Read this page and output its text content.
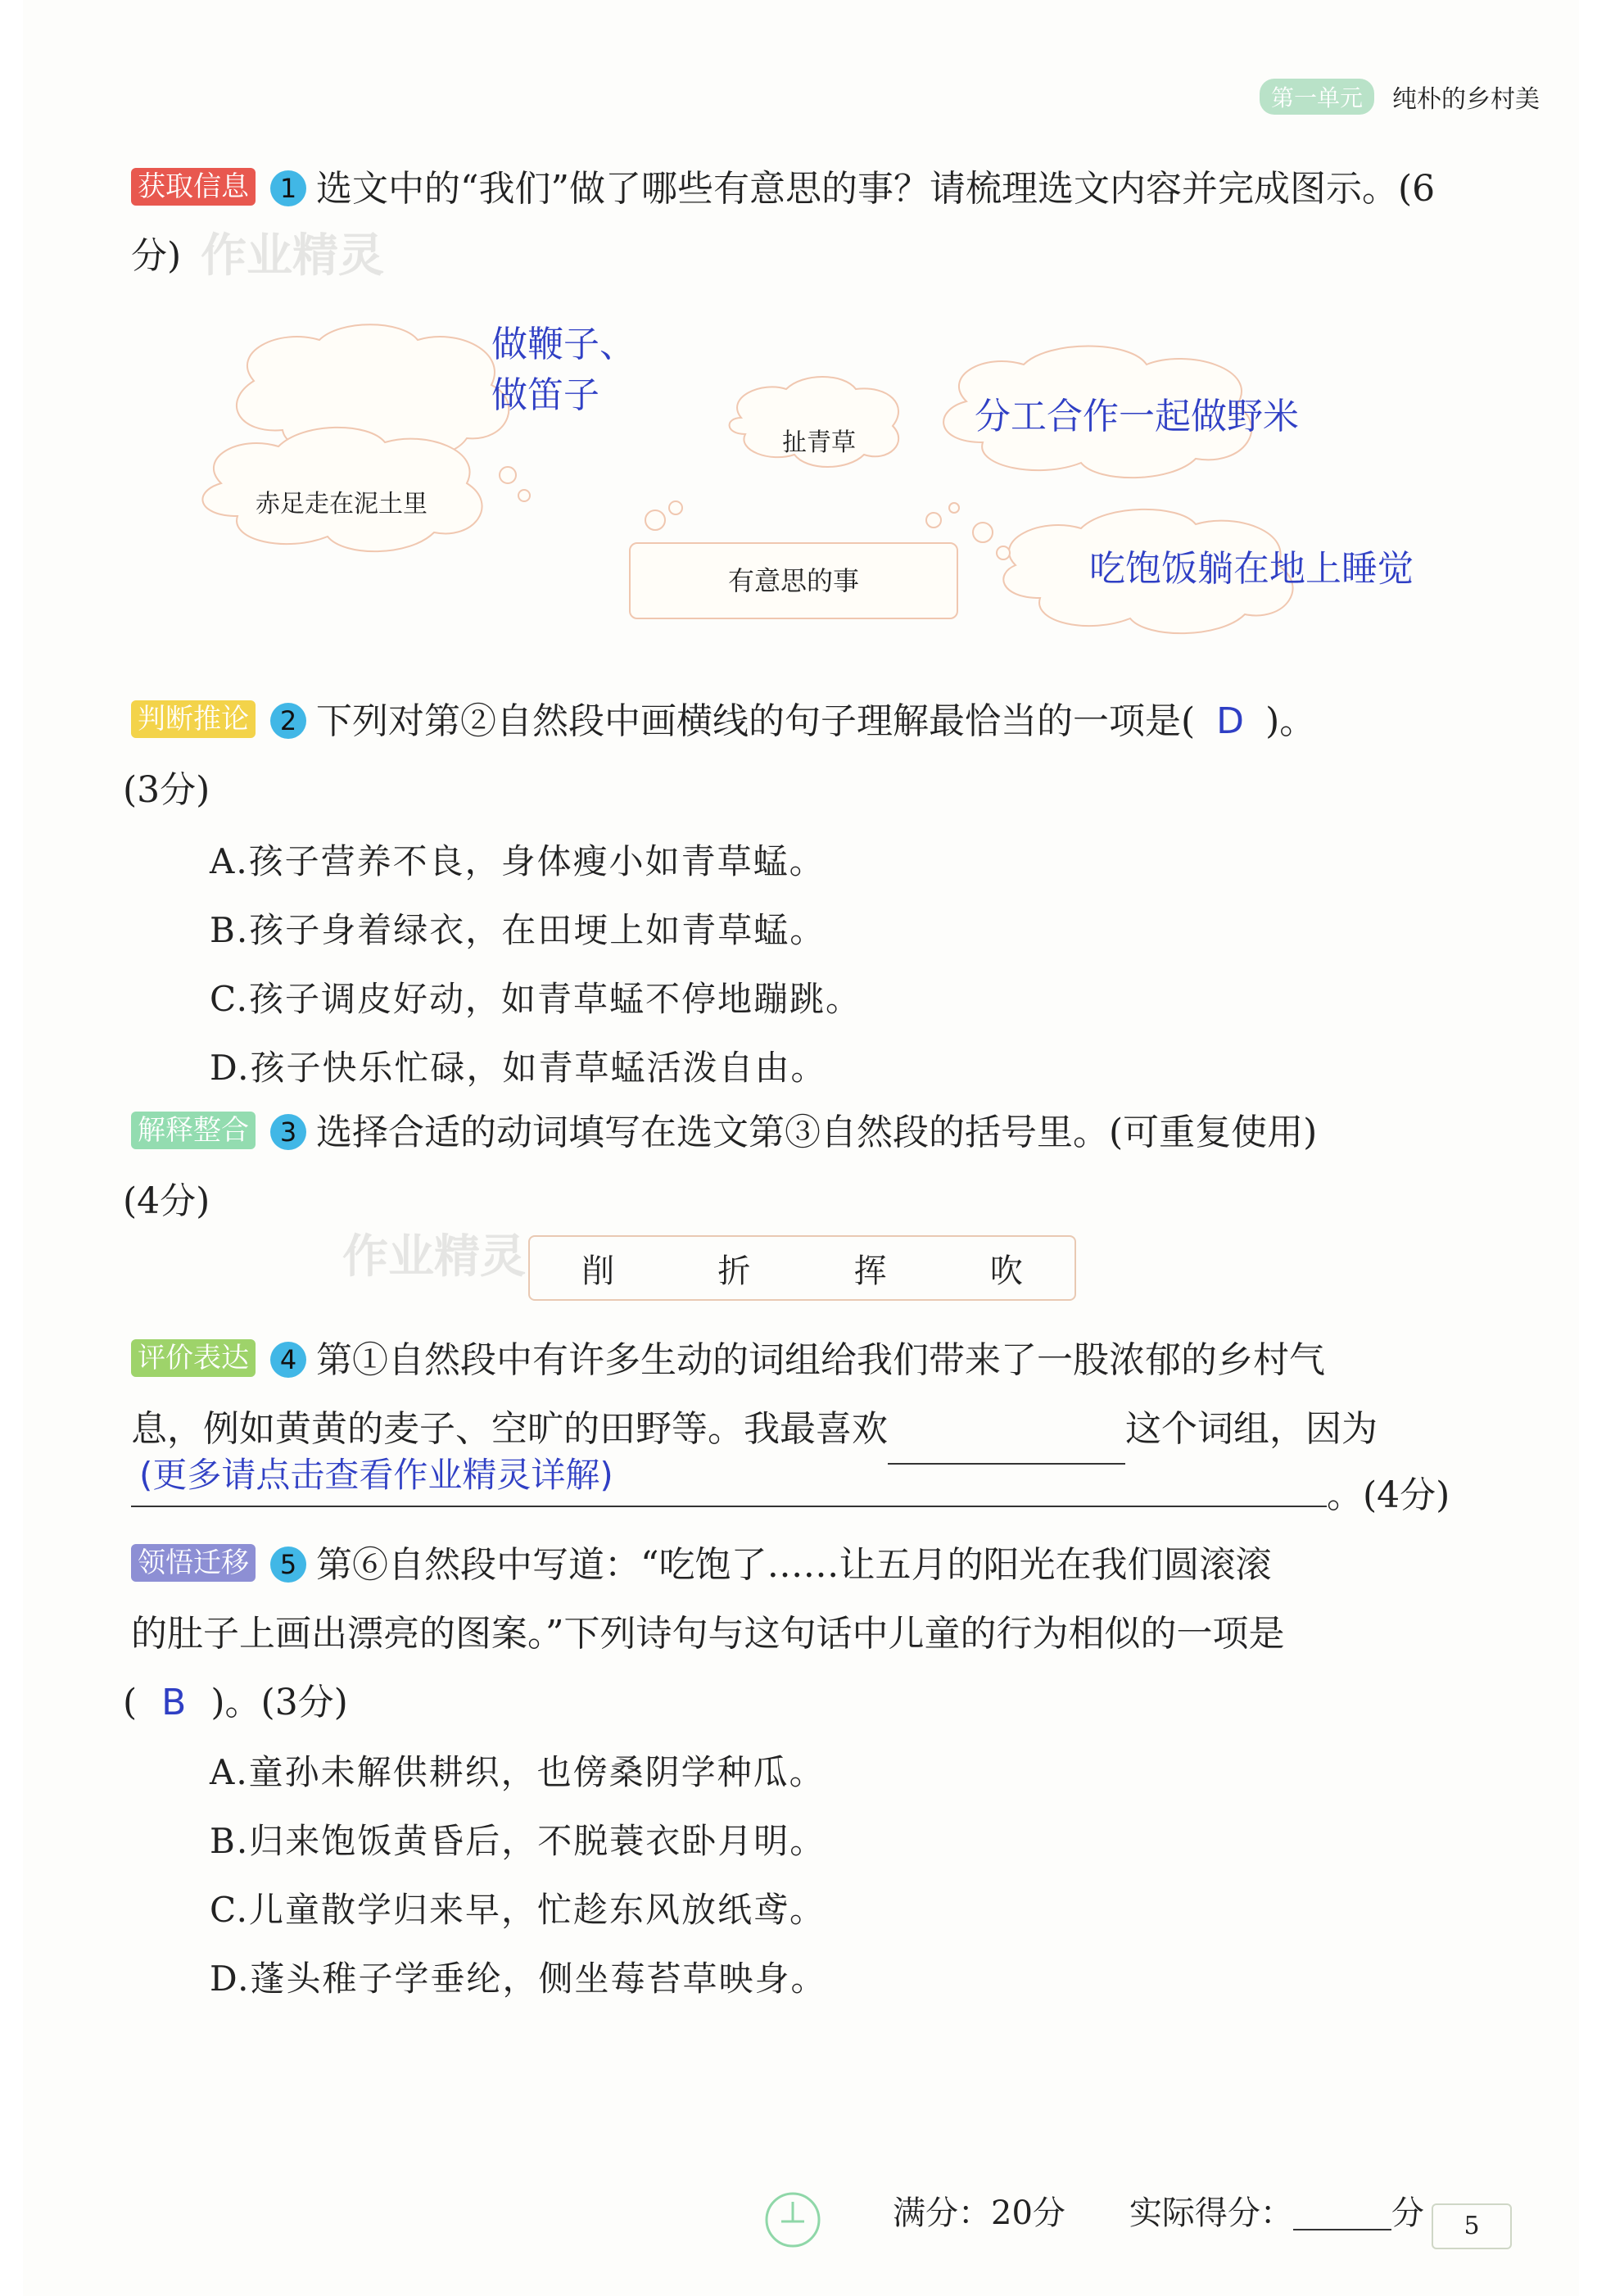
第一单元	纯朴的乡村美
获取信息 1 选文中的“我们”做了哪些有意思的事？请梳理选文内容并完成图示。(6分) 作业精灵
做鞭子、
做笛子
扯青草
分工合作一起做野米
赤足走在泥土里
吃饱饭躺在地上睡觉
有意思的事
判断推论 2 下列对第②自然段中画横线的句子理解最恰当的一项是( D )。
(3分)
A.孩子营养不良，身体瘦小如青草蜢。
B.孩子身着绿衣，在田埂上如青草蜢。
C.孩子调皮好动，如青草蜢不停地蹦跳。
D.孩子快乐忙碌，如青草蜢活泼自由。
解释整合 3 选择合适的动词填写在选文第③自然段的括号里。(可重复使用)
(4分)
作业精灵 削	折	挥	吹
评价表达 4 第①自然段中有许多生动的词组给我们带来了一股浓郁的乡村气
息，例如黄黄的麦子、空旷的田野等。我最喜欢	这个词组，因为
(更多请点击查看作业精灵详解)	。(4分)
领悟迁移 5 第⑥自然段中写道：“吃饱了……让五月的阳光在我们圆滚滚
的肚子上画出漂亮的图案。”下列诗句与这句话中儿童的行为相似的一项是
( B )。(3分)
A.童孙未解供耕织，也傍桑阴学种瓜。
B.归来饱饭黄昏后，不脱蓑衣卧月明。
C.儿童散学归来早，忙趁东风放纸鸢。
D.蓬头稚子学垂纶，侧坐莓苔草映身。
满分：20分 实际得分：
	分	5
